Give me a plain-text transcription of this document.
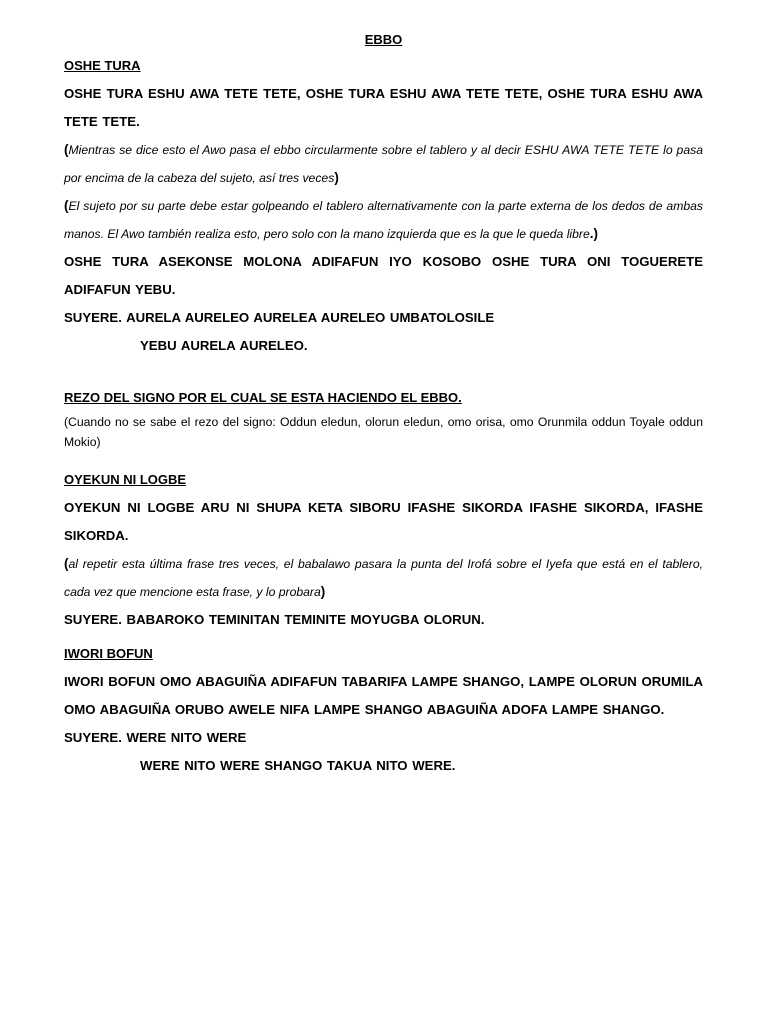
EBBO
OSHE TURA

OSHE TURA ESHU AWA TETE TETE, OSHE TURA ESHU AWA TETE TETE, OSHE TURA ESHU AWA TETE TETE.

(Mientras se dice esto el Awo pasa el ebbo circularmente sobre el tablero y al decir ESHU AWA TETE TETE lo pasa por encima de la cabeza del sujeto, así tres veces)

(El sujeto por su parte debe estar golpeando el tablero alternativamente con la parte externa de los dedos de ambas manos. El Awo también realiza esto, pero solo con la mano izquierda que es la que le queda libre.)

OSHE TURA ASEKONSE MOLONA ADIFAFUN IYO KOSOBO OSHE TURA ONI TOGUERETE ADIFAFUN YEBU.

SUYERE. AURELA AURELEO AURELEA AURELEO UMBATOLOSILE

YEBU AURELA AURELEO.

REZO DEL SIGNO POR EL CUAL SE ESTA HACIENDO EL EBBO.

(Cuando no se sabe el rezo del signo: Oddun eledun, olorun eledun, omo orisa, omo Orunmila oddun Toyale oddun Mokio)

OYEKUN NI LOGBE

OYEKUN NI LOGBE ARU NI SHUPA KETA SIBORU IFASHE SIKORDA IFASHE SIKORDA, IFASHE SIKORDA.

(al repetir esta última frase tres veces, el babalawo pasara la punta del Irofá sobre el Iyefa que está en el tablero, cada vez que mencione esta frase, y lo probara)

SUYERE. BABAROKO TEMINITAN TEMINITE MOYUGBA OLORUN.

IWORI BOFUN

IWORI BOFUN OMO ABAGUIÑA ADIFAFUN TABARIFA LAMPE SHANGO, LAMPE OLORUN ORUMILA OMO ABAGUIÑA ORUBO AWELE NIFA LAMPE SHANGO ABAGUIÑA ADOFA LAMPE SHANGO.

SUYERE. WERE NITO WERE

WERE NITO WERE SHANGO TAKUA NITO WERE.
